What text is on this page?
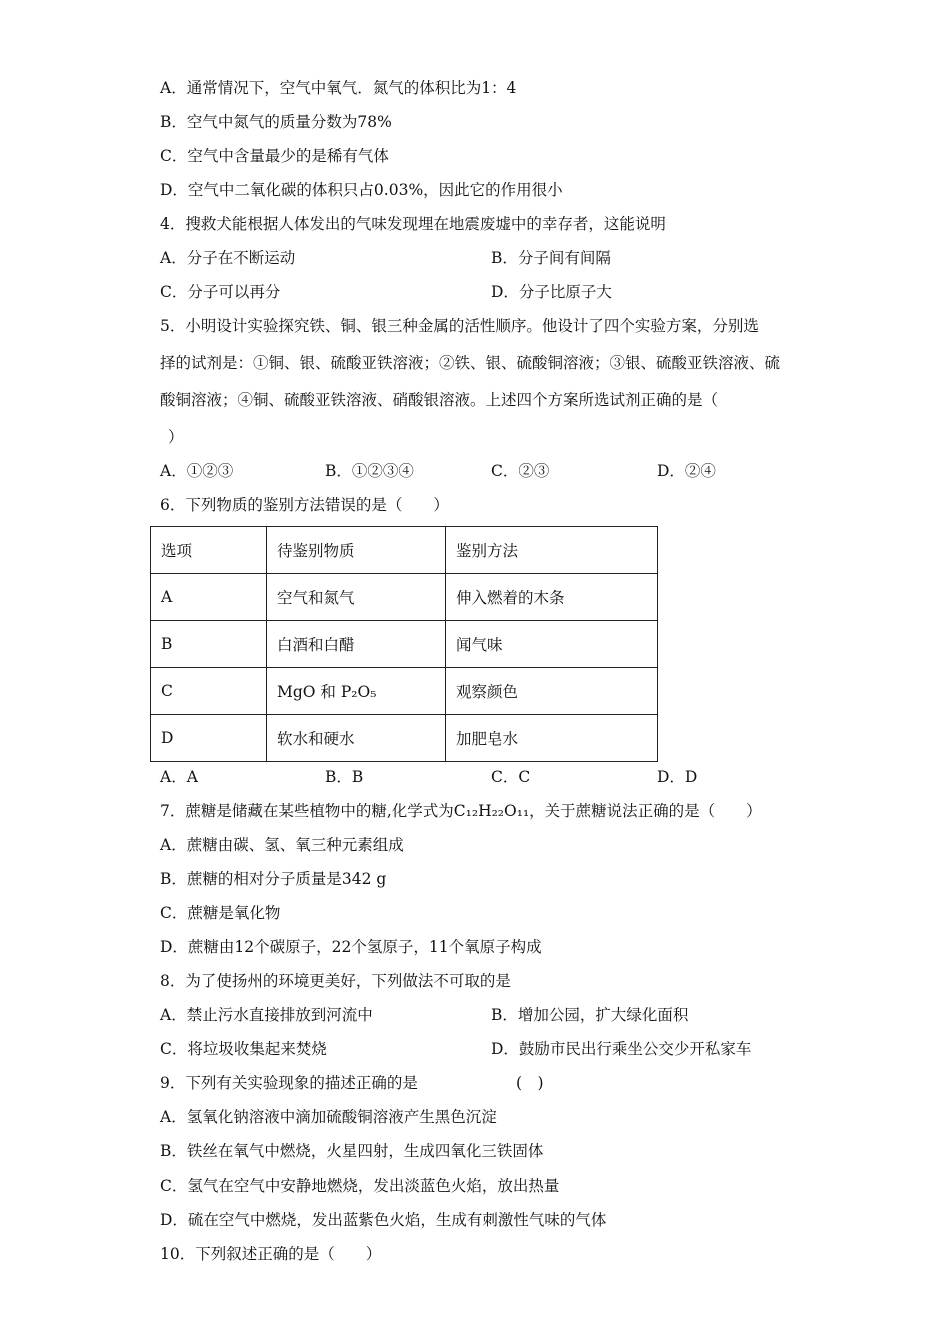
A．通常情况下，空气中氧气．氮气的体积比为1：4
B．空气中氮气的质量分数为78%
C．空气中含量最少的是稀有气体
D．空气中二氧化碳的体积只占0.03%，因此它的作用很小
4．搜救犬能根据人体发出的气味发现埋在地震废墟中的幸存者，这能说明
A．分子在不断运动	B．分子间有间隔
C．分子可以再分	D．分子比原子大
5．小明设计实验探究铁、铜、银三种金属的活性顺序。他设计了四个实验方案，分别选
择的试剂是：①铜、银、硫酸亚铁溶液；②铁、银、硫酸铜溶液；③银、硫酸亚铁溶液、硫
酸铜溶液；④铜、硫酸亚铁溶液、硝酸银溶液。上述四个方案所选试剂正确的是（
）
A．①②③	B．①②③④	C．②③	D．②④
6．下列物质的鉴别方法错误的是（　　）
选项	待鉴别物质	鉴别方法
A	空气和氮气	伸入燃着的木条
B	白酒和白醋	闻气味
C	MgO 和 P₂O₅	观察颜色
D	软水和硬水	加肥皂水
A．A	B．B	C．C	D．D
7．蔗糖是储藏在某些植物中的糖,化学式为C₁₂H₂₂O₁₁，关于蔗糖说法正确的是（　　）
A．蔗糖由碳、氢、氧三种元素组成
B．蔗糖的相对分子质量是342 g
C．蔗糖是氧化物
D．蔗糖由12个碳原子，22个氢原子，11个氧原子构成
8．为了使扬州的环境更美好，下列做法不可取的是
A．禁止污水直接排放到河流中	B．增加公园，扩大绿化面积
C．将垃圾收集起来焚烧	D．鼓励市民出行乘坐公交少开私家车
9．下列有关实验现象的描述正确的是	(　)
A．氢氧化钠溶液中滴加硫酸铜溶液产生黑色沉淀
B．铁丝在氧气中燃烧，火星四射，生成四氧化三铁固体
C．氢气在空气中安静地燃烧，发出淡蓝色火焰，放出热量
D．硫在空气中燃烧，发出蓝紫色火焰，生成有刺激性气味的气体
10．下列叙述正确的是（　　）
